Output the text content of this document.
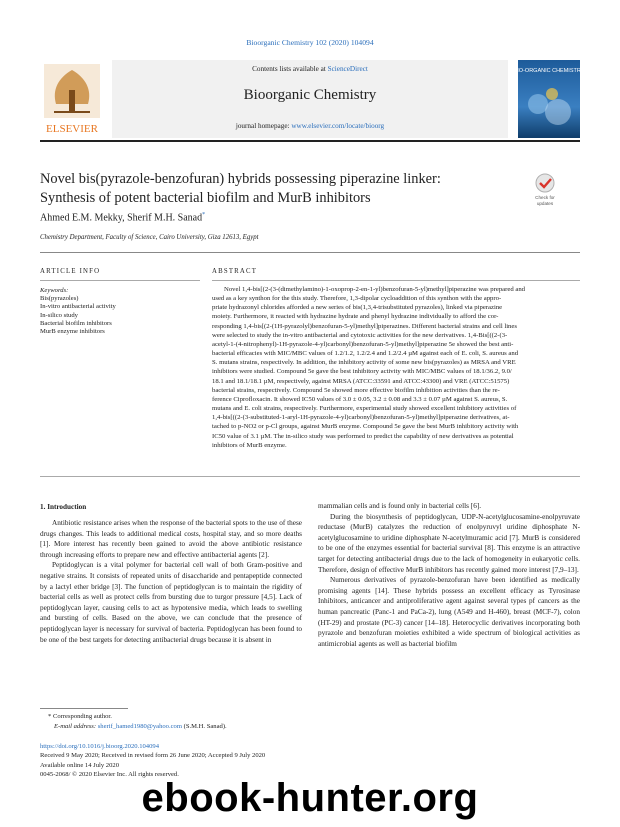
Bioorganic Chemistry 102 (2020) 104094
Contents lists available at ScienceDirect
Bioorganic Chemistry
journal homepage: www.elsevier.com/locate/bioorg
ELSEVIER
BIO-ORGANIC CHEMISTRY
Novel bis(pyrazole-benzofuran) hybrids possessing piperazine linker:
Synthesis of potent bacterial biofilm and MurB inhibitors	Check for
updates
Ahmed E.M. Mekky, Sherif M.H. Sanad*
Chemistry Department, Faculty of Science, Cairo University, Giza 12613, Egypt
ARTICLE INFO	ABSTRACT
Keywords:
Bis(pyrazoles)
In-vitro antibacterial activity
In-silico study
Bacterial biofilm inhibitors
MurB enzyme inhibitors
Novel 1,4-bis[(2-(3-(dimethylamino)-1-oxoprop-2-en-1-yl)benzofuran-5-yl)methyl]piperazine was prepared and
used as a key synthon for the this study. Therefore, 1,3-dipolar cycloaddition of this synthon with the appro-
priate hydrazonyl chlorides afforded a new series of bis(1,3,4-trisubstituted pyrazoles), linked via piperazine
moiety. Furthermore, it reacted with hydrazine hydrate and phenyl hydrazine individually to afford the cor-
responding 1,4-bis[(2-(1H-pyrazolyl)benzofuran-5-yl)methyl]piperazines. Different bacterial strains and cell lines
were selected to study the in-vitro antibacterial and cytotoxic activities for the new derivatives. 1,4-Bis[((2-(3-
acetyl-1-(4-nitrophenyl)-1H-pyrazole-4-yl)carbonyl)benzofuran-5-yl)methyl]piperazine 5e showed the best anti-
bacterial efficacies with MIC/MBC values of 1.2/1.2, 1.2/2.4 and 1.2/2.4 µM against each of E. coli, S. aureus and
S. mutans strains, respectively. In addition, the inhibitory activity of some new bis(pyrazoles) as MRSA and VRE
inhibitors were studied. Compound 5e gave the best inhibitory activity with MIC/MBC values of 18.1/36.2, 9.0/
18.1 and 18.1/18.1 µM, respectively, against MRSA (ATCC:33591 and ATCC:43300) and VRE (ATCC:51575)
bacterial strains, respectively. Compound 5e showed more effective biofilm inhibition activities than the re-
ference Ciprofloxacin. It showed IC50 values of 3.0 ± 0.05, 3.2 ± 0.08 and 3.3 ± 0.07 µM against S. aureus, S.
mutans and E. coli strains, respectively. Furthermore, experimental study showed excellent inhibitory activities of
1,4-bis[((2-(3-substituted-1-aryl-1H-pyrazole-4-yl)carbonyl)benzofuran-5-yl)methyl]piperazine derivatives, at-
tached to p-NO2 or p-Cl groups, against MurB enzyme. Compound 5e gave the best MurB inhibitory activity with
IC50 value of 3.1 µM. The in-silico study was performed to predict the capability of new derivatives as potential
inhibitors of MurB enzyme.
1. Introduction

Antibiotic resistance arises when the response of the bacterial spots to the use of these drugs changes. This leads to additional medical costs, hospital stay, and so more deaths [1]. More interest has recently been gained to avoid the above antibiotic resistance through increasing efforts to prepare new and effective antibacterial agents [2].

Peptidoglycan is a vital polymer for bacterial cell wall of both Gram-positive and negative strains. It consists of repeated units of disaccharide and pentapeptide connected by a lactyl ether bridge [3]. The function of peptidoglycan is to maintain the rigidity of bacterial cells as well as protect cells from bursting due to turgor pressure [4,5]. Lack of peptidoglycan layer, causing cells to act as hypotensive media, which leads to swelling and bursting of cells. Based on the above, we can conclude that the presence of peptidoglycan layer is necessary for survival of bacteria. Peptidoglycan has been found to be one of the best targets for detecting antibacterial drugs because it is absent in

mammalian cells and is found only in bacterial cells [6].

During the biosynthesis of peptidoglycan, UDP-N-acetylglucosamine-enolpyruvate reductase (MurB) catalyzes the reduction of enolpyruvyl uridine diphosphate N-acetylglucosamine to uridine diphosphate N-acetylmuramic acid [7]. MurB is considered to be one of the enzymes essential for bacterial survival [8]. This enzyme is an attractive target for detecting antibacterial drugs due to the lack of homogeneity in eukaryotic cells. Therefore, design of effective MurB inhibitors has recently gained more interest [7,9–13].

Numerous derivatives of pyrazole-benzofuran have been identified as medically promising agents [14]. These hybrids possess an excellent efficacy as Tyrosinase Inhibitors, anticancer and antiproliferative agent against several types pf cancers as the human pancreatic (Panc-1 and PaCa-2), lung (A549 and H-460), breast (MCF-7), colon (HT-29) and prostate (PC-3) cancer [14–18]. Heterocyclic derivatives incorporating both pyrazole and benzofuran moieties exhibited a wide spectrum of biological activities as antimicrobial agents as well as bacterial biofilm

* Corresponding author.
E-mail address: sherif_hamed1980@yahoo.com (S.M.H. Sanad).
https://doi.org/10.1016/j.bioorg.2020.104094
Received 9 May 2020; Received in revised form 26 June 2020; Accepted 9 July 2020
Available online 14 July 2020
0045-2068/ © 2020 Elsevier Inc. All rights reserved.
ebook-hunter.org
